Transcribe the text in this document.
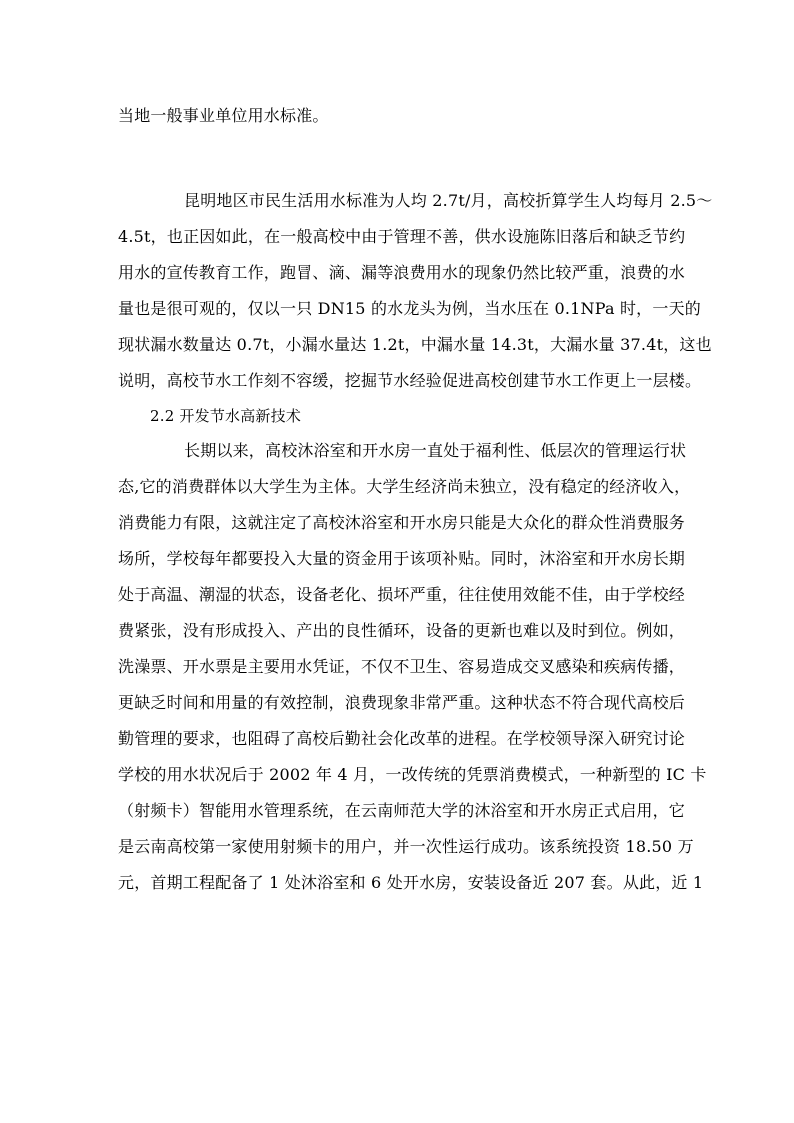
当地一般事业单位用水标准。
昆明地区市民生活用水标准为人均 2.7t/月，高校折算学生人均每月 2.5～
4.5t，也正因如此，在一般高校中由于管理不善，供水设施陈旧落后和缺乏节约
用水的宣传教育工作，跑冒、滴、漏等浪费用水的现象仍然比较严重，浪费的水
量也是很可观的，仅以一只 DN15 的水龙头为例，当水压在 0.1NPa 时，一天的
现状漏水数量达 0.7t，小漏水量达 1.2t，中漏水量 14.3t，大漏水量 37.4t，这也
说明，高校节水工作刻不容缓，挖掘节水经验促进高校创建节水工作更上一层楼。
2.2 开发节水高新技术
长期以来，高校沐浴室和开水房一直处于福利性、低层次的管理运行状
态,它的消费群体以大学生为主体。大学生经济尚未独立，没有稳定的经济收入，
消费能力有限，这就注定了高校沐浴室和开水房只能是大众化的群众性消费服务
场所，学校每年都要投入大量的资金用于该项补贴。同时，沐浴室和开水房长期
处于高温、潮湿的状态，设备老化、损坏严重，往往使用效能不佳，由于学校经
费紧张，没有形成投入、产出的良性循环，设备的更新也难以及时到位。例如，
洗澡票、开水票是主要用水凭证，不仅不卫生、容易造成交叉感染和疾病传播，
更缺乏时间和用量的有效控制，浪费现象非常严重。这种状态不符合现代高校后
勤管理的要求，也阻碍了高校后勤社会化改革的进程。在学校领导深入研究讨论
学校的用水状况后于 2002 年 4 月，一改传统的凭票消费模式，一种新型的 IC 卡
（射频卡）智能用水管理系统，在云南师范大学的沐浴室和开水房正式启用，它
是云南高校第一家使用射频卡的用户，并一次性运行成功。该系统投资 18.50 万
元，首期工程配备了 1 处沐浴室和 6 处开水房，安装设备近 207 套。从此，近 1
